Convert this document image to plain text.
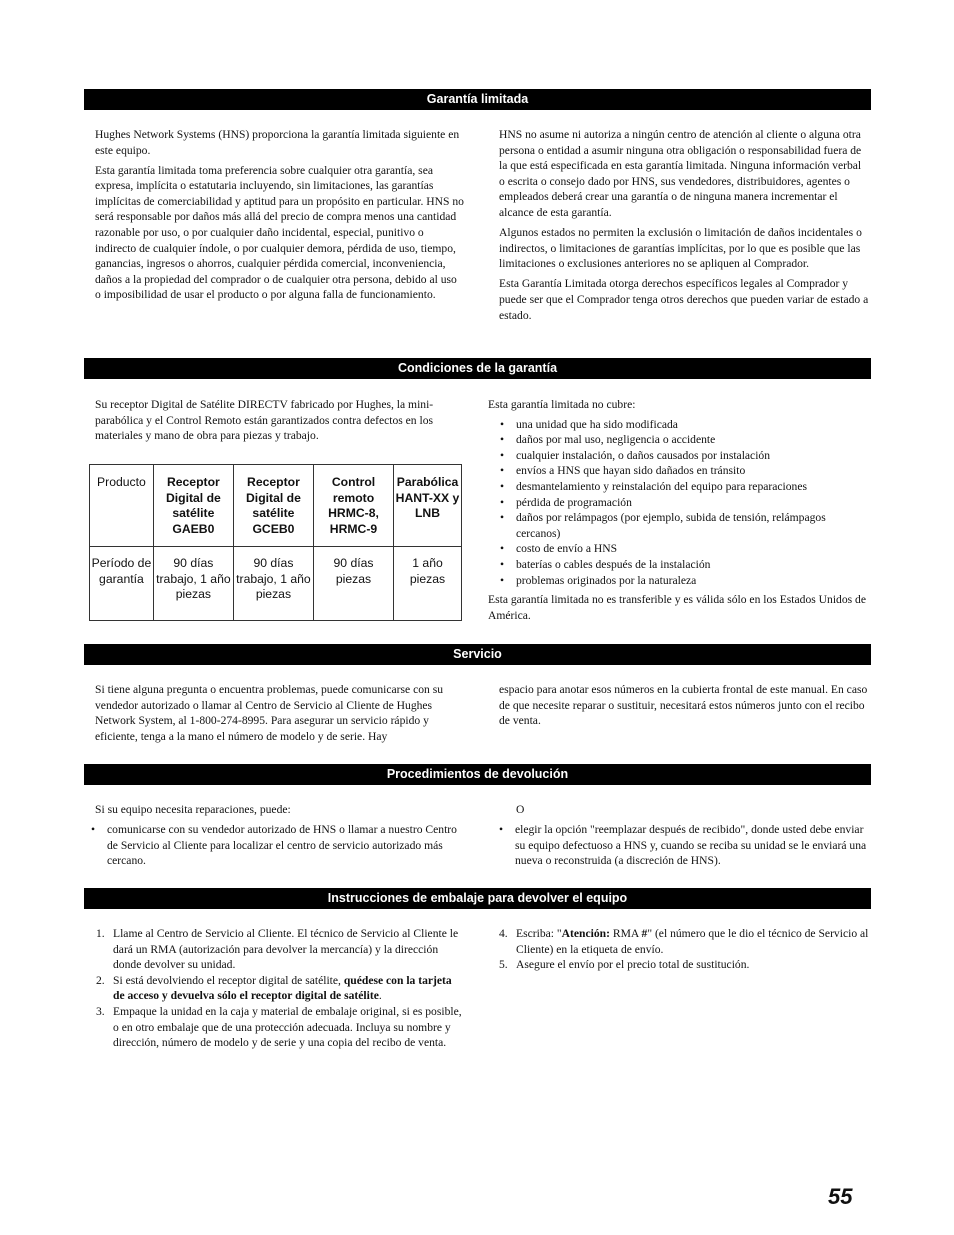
Garantía limitada

Hughes Network Systems (HNS) proporciona la garantía limitada siguiente en este equipo.

Esta garantía limitada toma preferencia sobre cualquier otra garantía, sea expresa, implícita o estatutaria incluyendo, sin limitaciones, las garantías implícitas de comerciabilidad y aptitud para un propósito en particular. HNS no será responsable por daños más allá del precio de compra menos una cantidad razonable por uso, o por cualquier daño incidental, especial, punitivo o indirecto de cualquier índole, o por cualquier demora, pérdida de uso, tiempo, ganancias, ingresos o ahorros, cualquier pérdida comercial, inconveniencia, daños a la propiedad del comprador o de cualquier otra persona, debido al uso o imposibilidad de usar el producto o por alguna falla de funcionamiento.

HNS no asume ni autoriza a ningún centro de atención al cliente o alguna otra persona o entidad a asumir ninguna otra obligación o responsabilidad fuera de la que está especificada en esta garantía limitada. Ninguna información verbal o escrita o consejo dado por HNS, sus vendedores, distribuidores, agentes o empleados deberá crear una garantía o de ninguna manera incrementar el alcance de esta garantía.

Algunos estados no permiten la exclusión o limitación de daños incidentales o indirectos, o limitaciones de garantías implícitas, por lo que es posible que las limitaciones o exclusiones anteriores no se apliquen al Comprador.

Esta Garantía Limitada otorga derechos específicos legales al Comprador y puede ser que el Comprador tenga otros derechos que pueden variar de estado a estado.

Condiciones de la garantía

Su receptor Digital de Satélite DIRECTV fabricado por Hughes, la mini-parabólica y el Control Remoto están garantizados contra defectos en los materiales y mano de obra para piezas y trabajo.

Producto	Receptor Digital de satélite GAEB0	Receptor Digital de satélite GCEB0	Control remoto HRMC-8, HRMC-9	Parabólica HANT-XX y LNB
Período de garantía	90 días trabajo, 1 año piezas	90 días trabajo, 1 año piezas	90 días piezas	1 año piezas

Esta garantía limitada no cubre:

• una unidad que ha sido modificada
• daños por mal uso, negligencia o accidente
• cualquier instalación, o daños causados por instalación
• envíos a HNS que hayan sido dañados en tránsito
• desmantelamiento y reinstalación del equipo para reparaciones
• pérdida de programación
• daños por relámpagos (por ejemplo, subida de tensión, relámpagos cercanos)
• costo de envío a HNS
• baterías o cables después de la instalación
• problemas originados por la naturaleza

Esta garantía limitada no es transferible y es válida sólo en los Estados Unidos de América.

Servicio

Si tiene alguna pregunta o encuentra problemas, puede comunicarse con su vendedor autorizado o llamar al Centro de Servicio al Cliente de Hughes Network System, al 1-800-274-8995. Para asegurar un servicio rápido y eficiente, tenga a la mano el número de modelo y de serie. Hay

espacio para anotar esos números en la cubierta frontal de este manual. En caso de que necesite reparar o sustituir, necesitará estos números junto con el recibo de venta.

Procedimientos de devolución

Si su equipo necesita reparaciones, puede:

• comunicarse con su vendedor autorizado de HNS o llamar a nuestro Centro de Servicio al Cliente para localizar el centro de servicio autorizado más cercano.

O

• elegir la opción "reemplazar después de recibido", donde usted debe enviar su equipo defectuoso a HNS y, cuando se reciba su unidad se le enviará una nueva o reconstruida (a discreción de HNS).
Instrucciones de embalaje para devolver el equipo
1. Llame al Centro de Servicio al Cliente. El técnico de Servicio al Cliente le dará un RMA (autorización para devolver la mercancía) y la dirección donde devolver su unidad.
2. Si está devolviendo el receptor digital de satélite, quédese con la tarjeta de acceso y devuelva sólo el receptor digital de satélite.
3. Empaque la unidad en la caja y material de embalaje original, si es posible, o en otro embalaje que de una protección adecuada. Incluya su nombre y dirección, número de modelo y de serie y una copia del recibo de venta.
4. Escriba: "Atención: RMA #" (el número que le dio el técnico de Servicio al Cliente) en la etiqueta de envío.
5. Asegure el envío por el precio total de sustitución.
55
